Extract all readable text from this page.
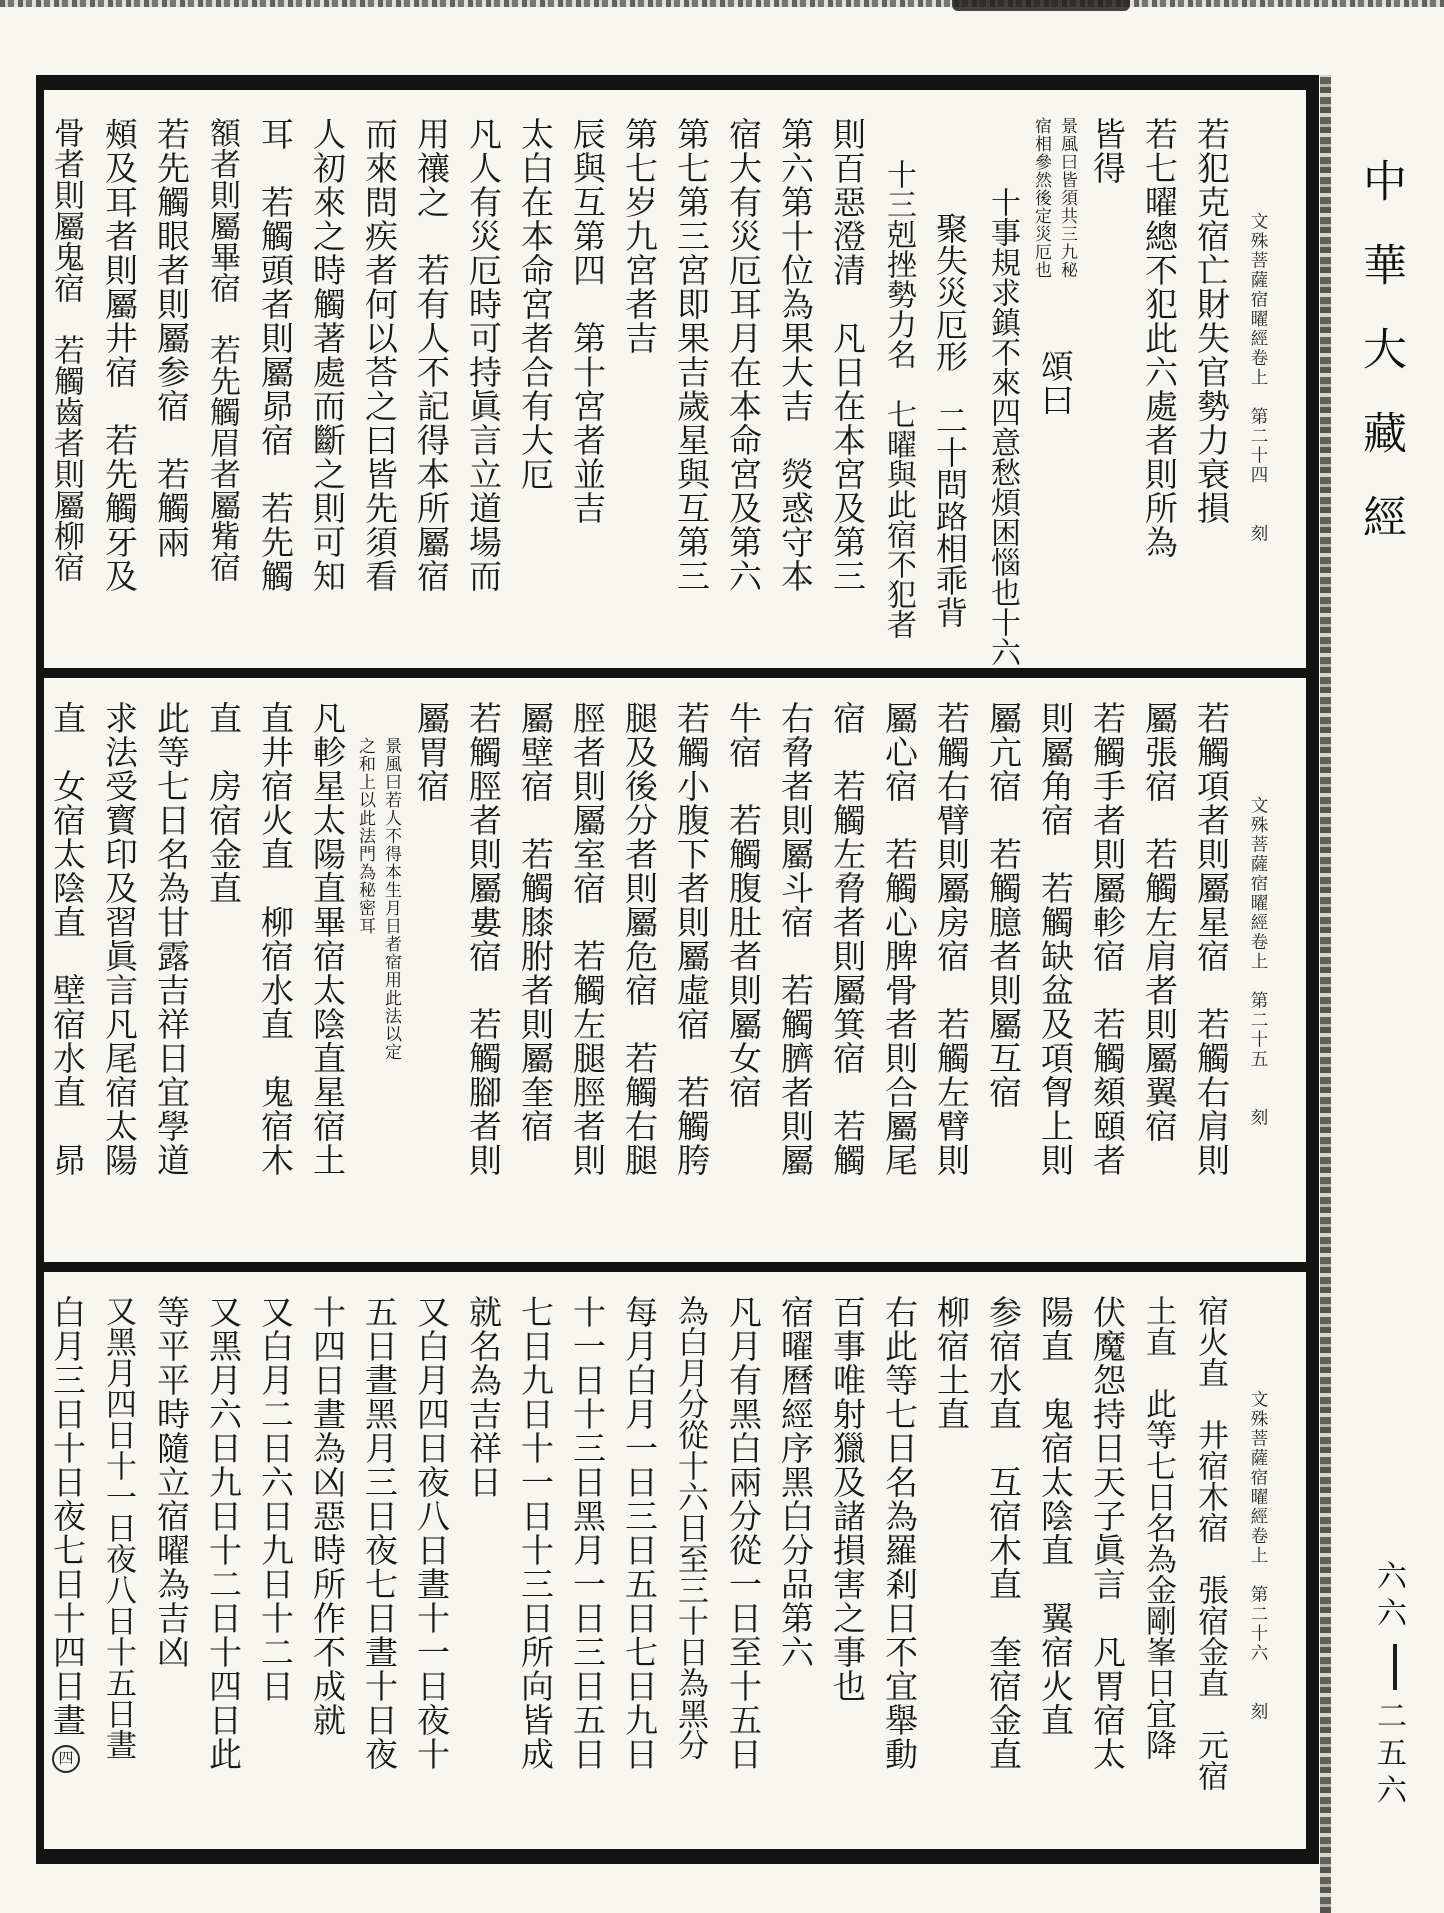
文殊菩薩宿曜經卷上　第二十四　　刻
若犯克宿亡財失官勢力衰損
若七曜總不犯此六處者則所為
皆得
景風曰皆須共三九秘
宿相參然後定災厄也
頌曰
十事規求鎮不來四意愁煩困惱也十六
聚失災厄形　二十問路相乖背
十三剋挫勢力名　七曜與此宿不犯者
則百惡澄清　凡日在本宮及第三
第六第十位為果大吉　熒惑守本
宿大有災厄耳月在本命宮及第六
第七第三宮即果吉歲星與互第三
第七岁九宮者吉
辰與互第四　第十宮者並吉
太白在本命宮者合有大厄
凡人有災厄時可持眞言立道場而
用禳之　若有人不記得本所屬宿
而來問疾者何以荅之曰皆先須看
人初來之時觸著處而斷之則可知
耳　若觸頭者則屬昴宿　若先觸
額者則屬畢宿　若先觸眉者屬觜宿
若先觸眼者則屬参宿　若觸兩
頰及耳者則屬井宿　若先觸牙及
骨者則屬鬼宿　若觸齒者則屬柳宿
文殊菩薩宿曜經卷上　第二十五　　刻
若觸項者則屬星宿　若觸右肩則
屬張宿　若觸左肩者則屬翼宿
若觸手者則屬軫宿　若觸頦頤者
則屬角宿　若觸缺盆及項胷上則
屬亢宿　若觸臆者則屬互宿
若觸右臂則屬房宿　若觸左臂則
屬心宿　若觸心脾骨者則合屬尾
宿　若觸左脅者則屬箕宿　若觸
右脅者則屬斗宿　若觸臍者則屬
牛宿　若觸腹肚者則屬女宿
若觸小腹下者則屬虛宿　若觸胯
腿及後分者則屬危宿　若觸右腿
脛者則屬室宿　若觸左腿脛者則
屬壁宿　若觸膝胕者則屬奎宿
若觸脛者則屬婁宿　若觸腳者則
屬胃宿
景風曰若人不得本生月日者宿用此法以定
之和上以此法門為秘密耳
凡軫星太陽直畢宿太陰直星宿土
直井宿火直　柳宿水直　鬼宿木
直　房宿金直
此等七日名為甘露吉祥日宜學道
求法受寳印及習眞言凡尾宿太陽
直　女宿太陰直　壁宿水直　昴
文殊菩薩宿曜經卷上　第二十六　　刻
宿火直　井宿木宿　張宿金直　元宿
土直　此等七日名為金剛峯日宜降
伏魔怨持日天子眞言　凡胃宿太
陽直　鬼宿太陰直　翼宿火直
参宿水直　互宿木直　奎宿金直
柳宿土直
右此等七日名為羅剎日不宜舉動
百事唯射獵及諸損害之事也
宿曜曆經序黑白分品第六
凡月有黑白兩分從一日至十五日
為白月分從十六日至三十日為黑分
每月白月一日三日五日七日九日
十一日十三日黑月一日三日五日
七日九日十一日十三日所向皆成
就名為吉祥日
又白月四日夜八日晝十一日夜十
五日晝黑月三日夜七日晝十日夜
十四日晝為凶惡時所作不成就
又白月二日六日九日十二日
又黑月六日九日十二日十四日此
等平平時隨立宿曜為吉凶
又黑月四日十一日夜八日十五日晝
白月三日十日夜七日十四日晝四
中華大藏經
六六二五六
